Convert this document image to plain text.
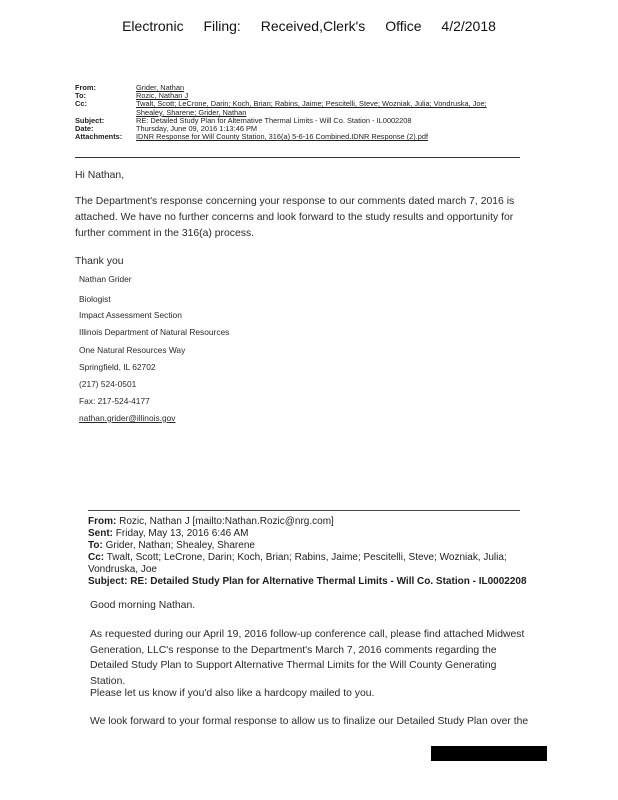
Electronic Filing: Received,Clerk's Office 4/2/2018
From:	Grider, Nathan
To:	Rozic, Nathan J
Cc:	Twalt, Scott; LeCrone, Darin; Koch, Brian; Rabins, Jaime; Pescitelli, Steve; Wozniak, Julia; Vondruska, Joe;
Shealey, Sharene; Grider, Nathan
Subject:	RE: Detailed Study Plan for Alternative Thermal Limits - Will Co. Station - IL0002208
Date:	Thursday, June 09, 2016 1:13:46 PM
Attachments:	IDNR Response for Will County Station, 316(a) 5-6-16 Combined.IDNR Response (2).pdf
Hi Nathan,
The Department's response concerning your response to our comments dated march 7, 2016 is attached. We have no further concerns and look forward to the study results and opportunity for further comment in the 316(a) process.
Thank you
Nathan Grider
Biologist
Impact Assessment Section
Illinois Department of Natural Resources
One Natural Resources Way
Springfield, IL 62702
(217) 524-0501
Fax: 217-524-4177
nathan.grider@illinois.gov
From: Rozic, Nathan J [mailto:Nathan.Rozic@nrg.com]
Sent: Friday, May 13, 2016 6:46 AM
To: Grider, Nathan; Shealey, Sharene
Cc: Twalt, Scott; LeCrone, Darin; Koch, Brian; Rabins, Jaime; Pescitelli, Steve; Wozniak, Julia; Vondruska, Joe
Subject: RE: Detailed Study Plan for Alternative Thermal Limits - Will Co. Station - IL0002208
Good morning Nathan.
As requested during our April 19, 2016 follow-up conference call, please find attached Midwest Generation, LLC's response to the Department's March 7, 2016 comments regarding the Detailed Study Plan to Support Alternative Thermal Limits for the Will County Generating Station.
Please let us know if you'd also like a hardcopy mailed to you.
We look forward to your formal response to allow us to finalize our Detailed Study Plan over the
